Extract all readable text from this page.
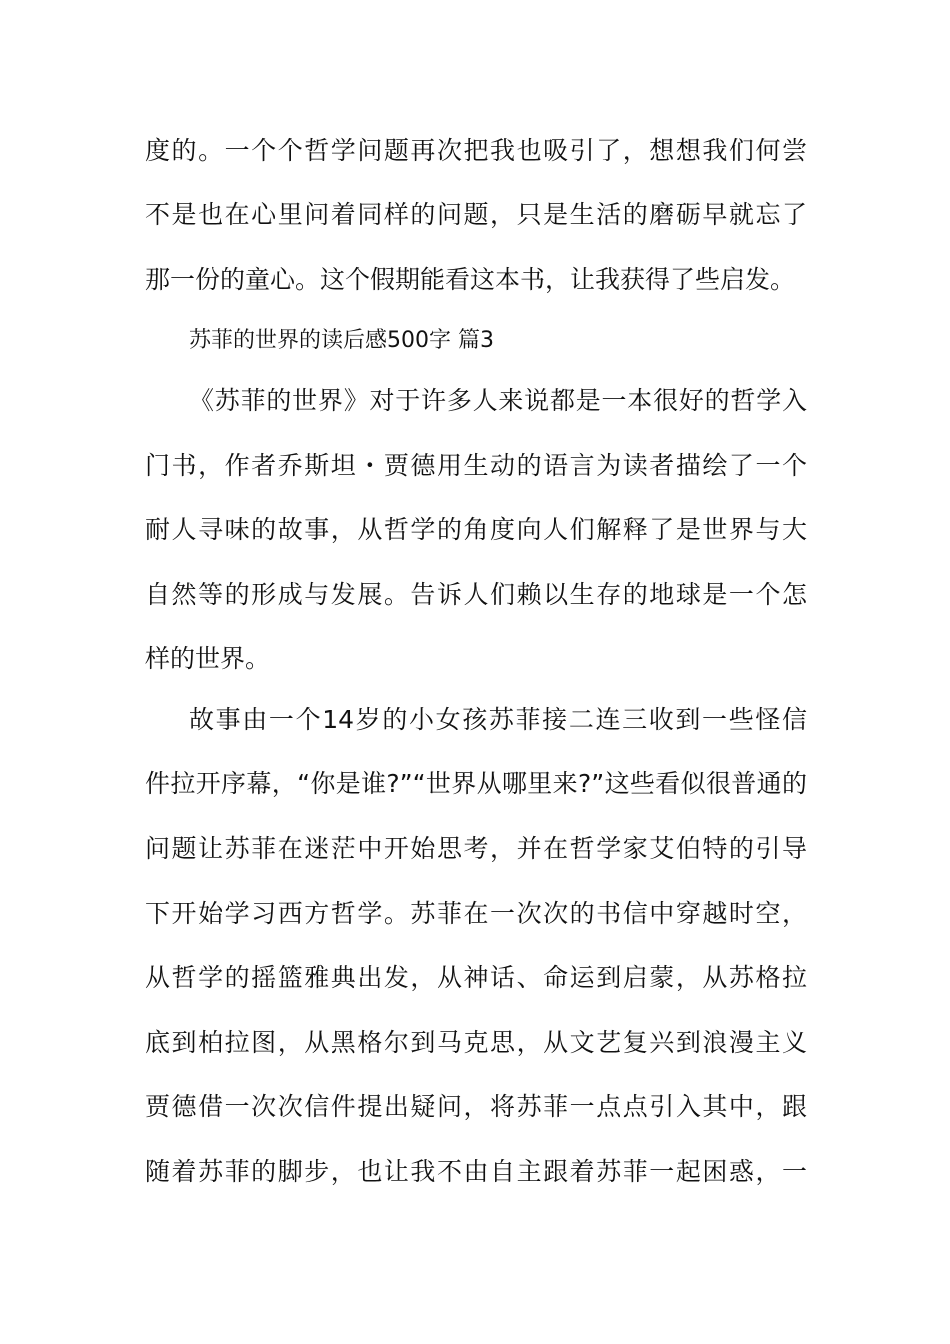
度的。一个个哲学问题再次把我也吸引了，想想我们何尝
不是也在心里问着同样的问题，只是生活的磨砺早就忘了
那一份的童心。这个假期能看这本书，让我获得了些启发。
苏菲的世界的读后感500字 篇3
《苏菲的世界》对于许多人来说都是一本很好的哲学入
门书，作者乔斯坦・贾德用生动的语言为读者描绘了一个
耐人寻味的故事，从哲学的角度向人们解释了是世界与大
自然等的形成与发展。告诉人们赖以生存的地球是一个怎
样的世界。
故事由一个14岁的小女孩苏菲接二连三收到一些怪信
件拉开序幕，“你是谁?”“世界从哪里来?”这些看似很普通的
问题让苏菲在迷茫中开始思考，并在哲学家艾伯特的引导
下开始学习西方哲学。苏菲在一次次的书信中穿越时空，
从哲学的摇篮雅典出发，从神话、命运到启蒙，从苏格拉
底到柏拉图，从黑格尔到马克思，从文艺复兴到浪漫主义
贾德借一次次信件提出疑问，将苏菲一点点引入其中，跟
随着苏菲的脚步，也让我不由自主跟着苏菲一起困惑，一
